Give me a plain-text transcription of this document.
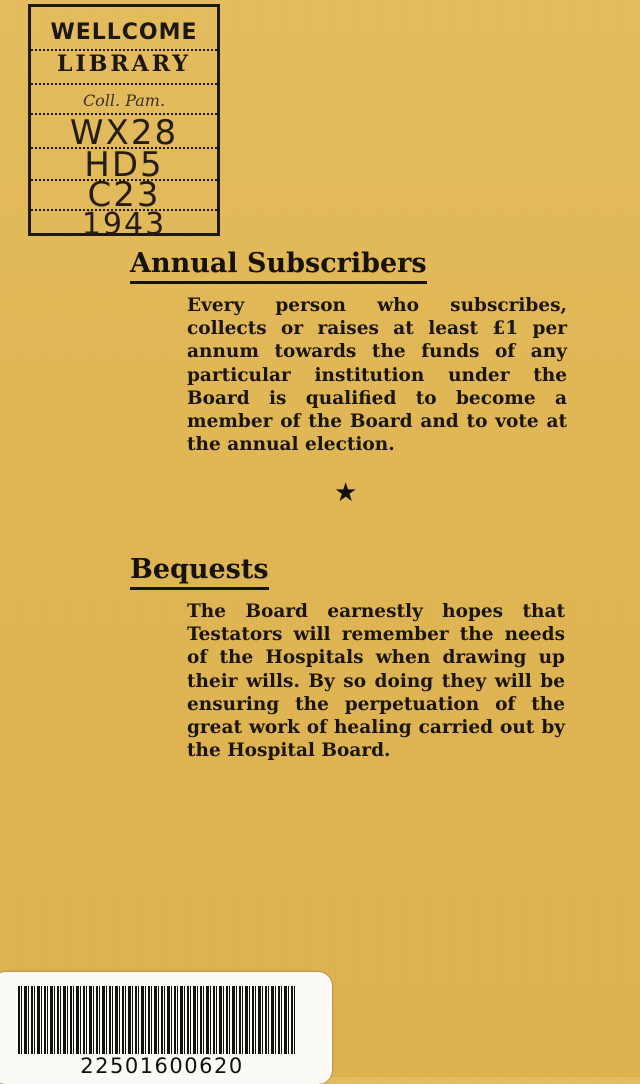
WELLCOME
LIBRARY
Coll. Pam.
WX28
HD5
C23
1943
Annual Subscribers

Every person who subscribes, collects or raises at least £1 per annum towards the funds of any particular institution under the Board is qualified to become a member of the Board and to vote at the annual election.

★
Bequests

The Board earnestly hopes that Testators will remember the needs of the Hospitals when drawing up their wills. By so doing they will be ensuring the perpetuation of the great work of healing carried out by the Hospital Board.

22501600620
